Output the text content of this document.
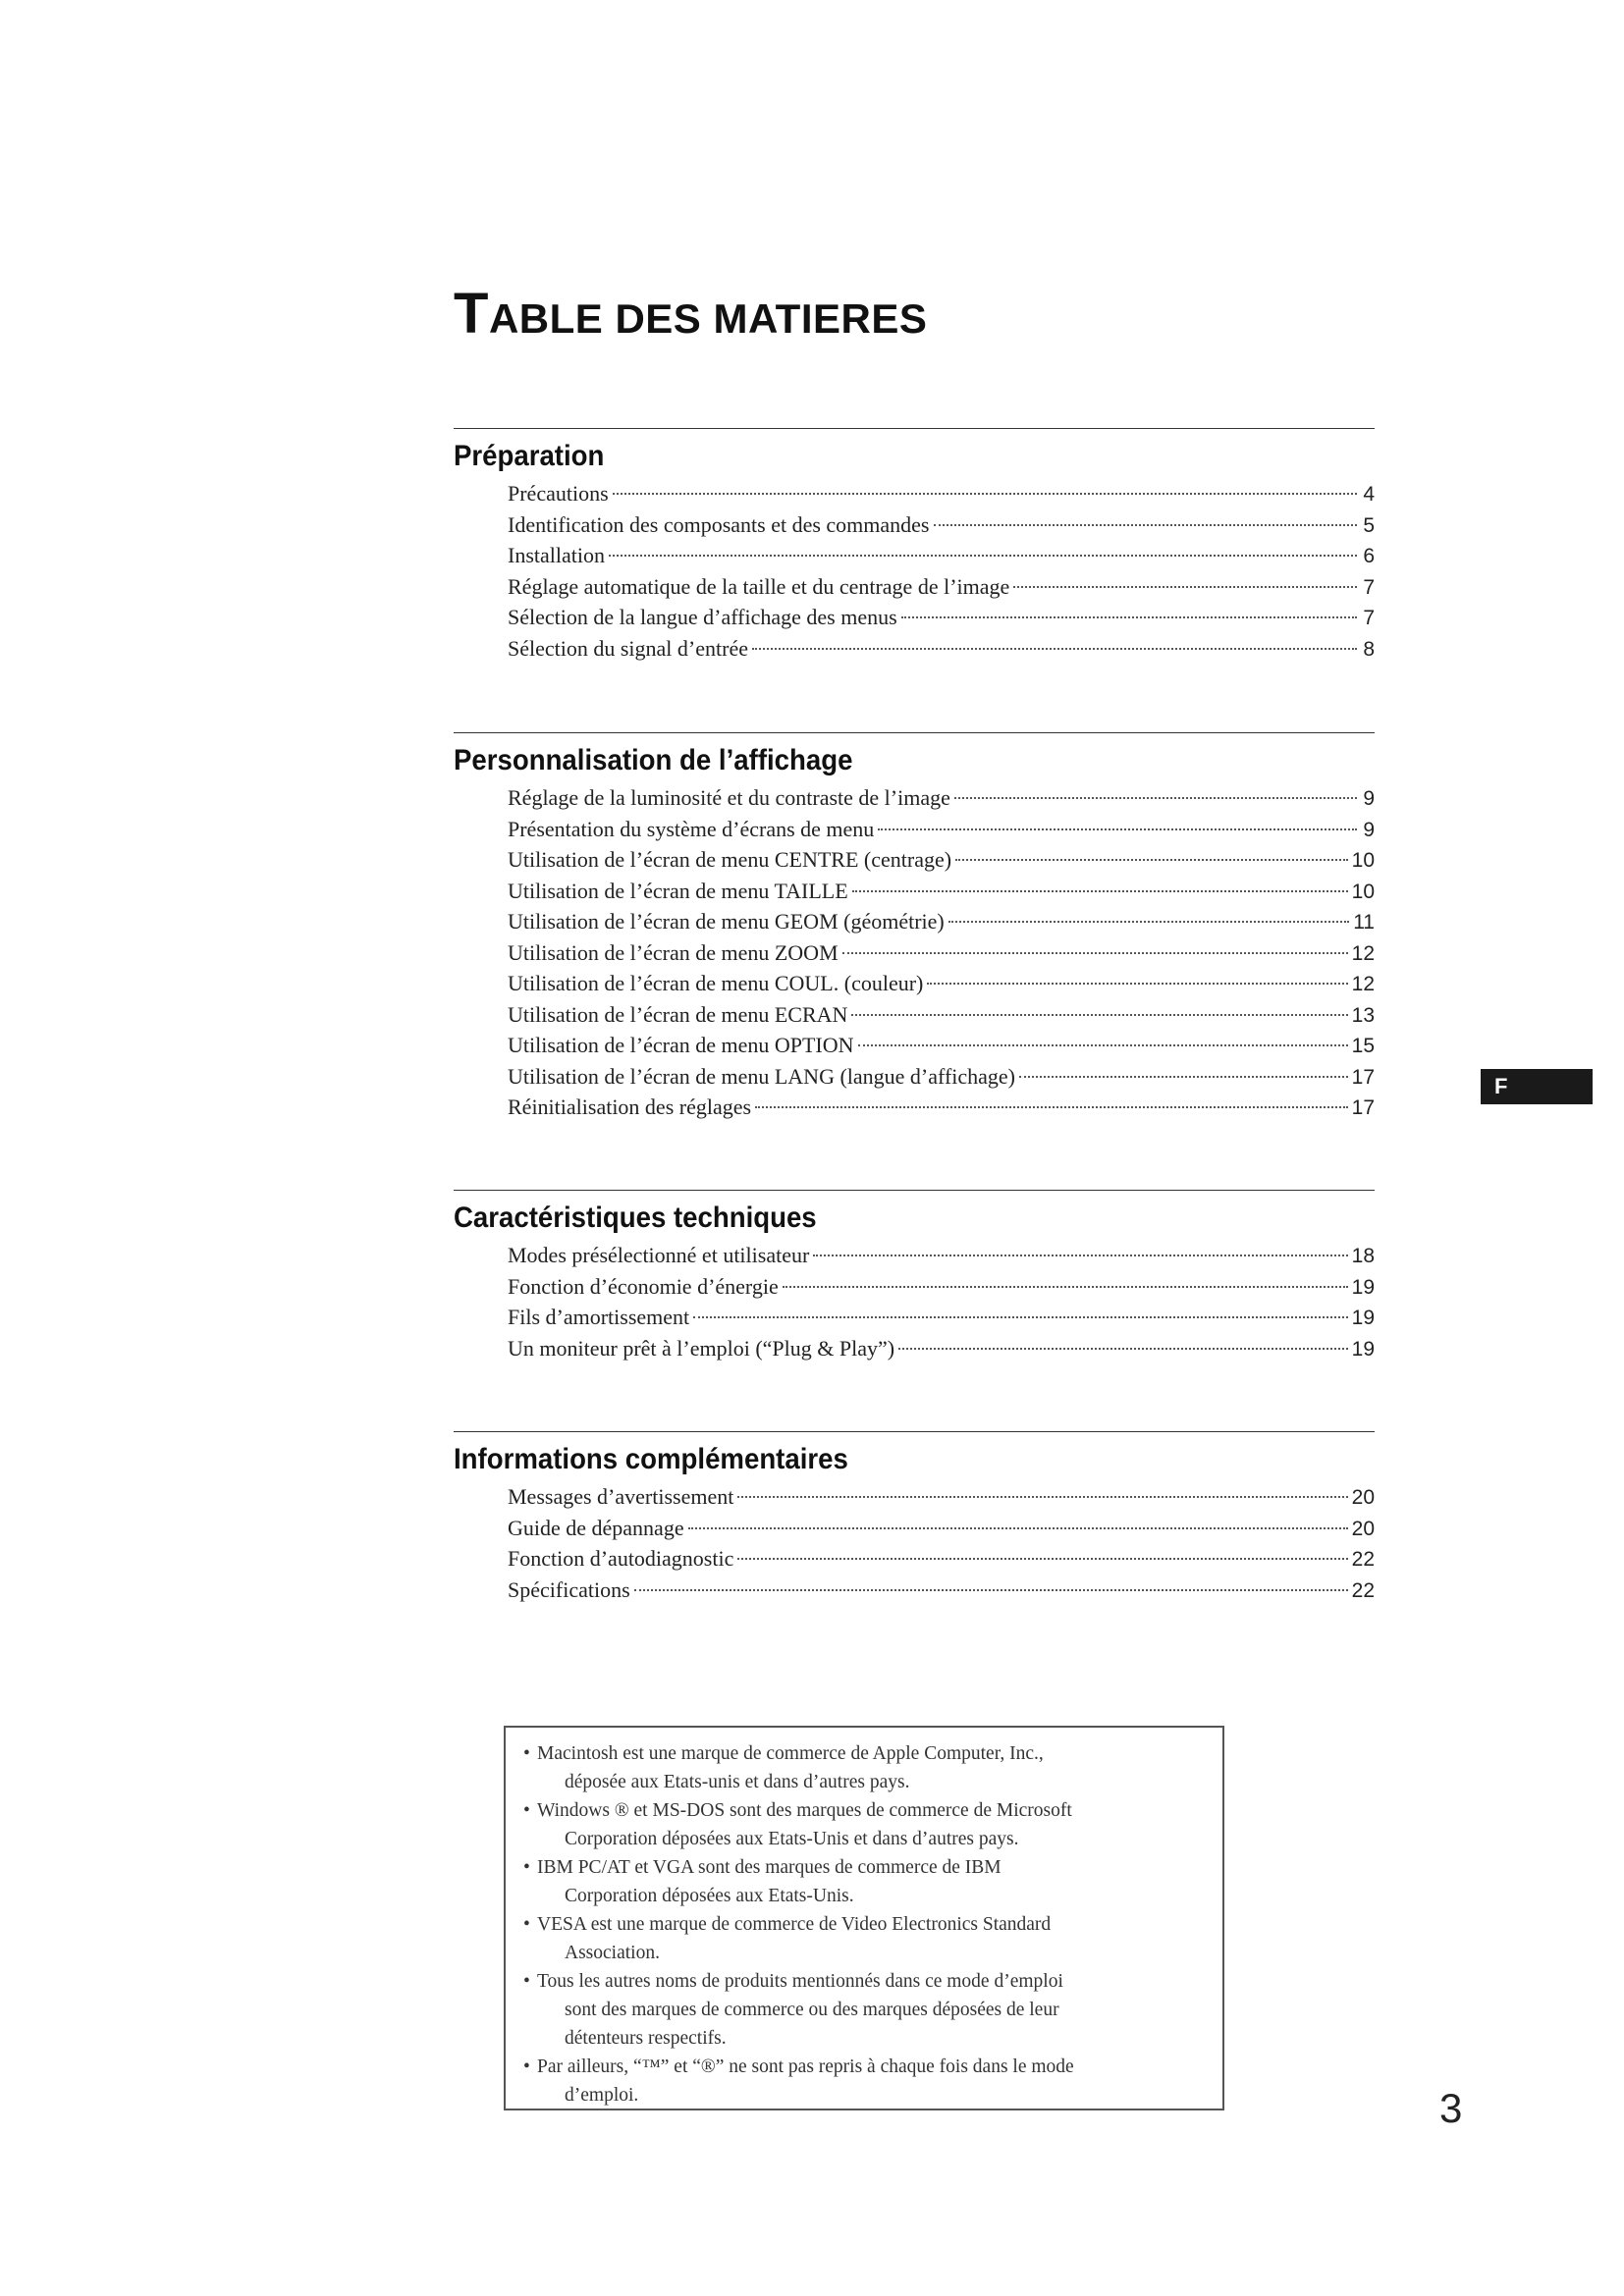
TABLE DES MATIERES
Préparation
Précautions	4
Identification des composants et des commandes	5
Installation	6
Réglage automatique de la taille et du centrage de l’image	7
Sélection de la langue d’affichage des menus	7
Sélection du signal d’entrée	8
Personnalisation de l’affichage
Réglage de la luminosité et du contraste de l’image	9
Présentation du système d’écrans de menu	9
Utilisation de l’écran de menu CENTRE (centrage)	10
Utilisation de l’écran de menu TAILLE	10
Utilisation de l’écran de menu GEOM (géométrie)	11
Utilisation de l’écran de menu ZOOM	12
Utilisation de l’écran de menu COUL. (couleur)	12
Utilisation de l’écran de menu ECRAN	13
Utilisation de l’écran de menu OPTION	15
Utilisation de l’écran de menu LANG (langue d’affichage)	17
Réinitialisation des réglages	17
Caractéristiques techniques
Modes présélectionné et utilisateur	18
Fonction d’économie d’énergie	19
Fils d’amortissement	19
Un moniteur prêt à l’emploi (“Plug & Play”)	19
Informations complémentaires
Messages d’avertissement	20
Guide de dépannage	20
Fonction d’autodiagnostic	22
Spécifications	22
F
• Macintosh est une marque de commerce de Apple Computer, Inc.,
déposée aux Etats-unis et dans d’autres pays.
• Windows ® et MS-DOS sont des marques de commerce de Microsoft
Corporation déposées aux Etats-Unis et dans d’autres pays.
• IBM PC/AT et VGA sont des marques de commerce de IBM
Corporation déposées aux Etats-Unis.
• VESA est une marque de commerce de Video Electronics Standard
Association.
• Tous les autres noms de produits mentionnés dans ce mode d’emploi
sont des marques de commerce ou des marques déposées de leur
détenteurs respectifs.
• Par ailleurs, “™” et “®” ne sont pas repris à chaque fois dans le mode
d’emploi.	3
